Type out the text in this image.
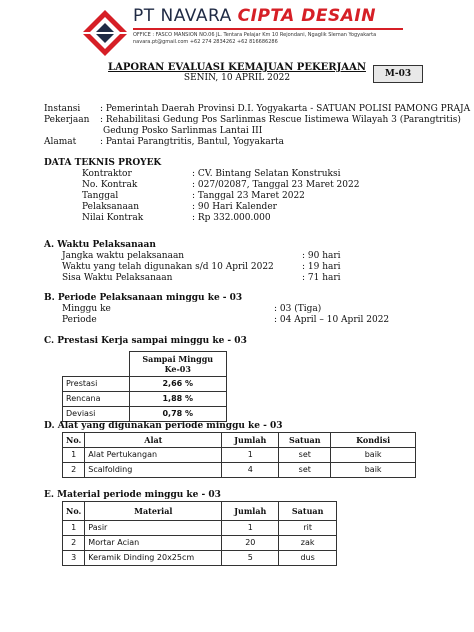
PT NAVARA CIPTA DESAIN
OFFICE : FASCO MANSION NO.06 JL. Tentara Pelajar Km 10 Rejondani, Ngaglik Sleman Yogyakarta
navara.pt@gmail.com +62 274 2834262 +62 816686286
LAPORAN EVALUASI KEMAJUAN PEKERJAAN
SENIN, 10 APRIL 2022	M-03
Instansi : Pemerintah Daerah Provinsi D.I. Yogyakarta - SATUAN POLISI PAMONG PRAJA
Pekerjaan : Rehabilitasi Gedung Pos Sarlinmas Rescue Iistimewa Wilayah 3 (Parangtritis)
Gedung Posko Sarlinmas Lantai III
Alamat	: Pantai Parangtritis, Bantul, Yogyakarta
DATA TEKNIS PROYEK
Kontraktor	: CV. Bintang Selatan Konstruksi
No. Kontrak	: 027/02087, Tanggal 23 Maret 2022
Tanggal	: Tanggal 23 Maret 2022
Pelaksanaan	: 90 Hari Kalender
Nilai Kontrak	: Rp 332.000.000
A. Waktu Pelaksanaan
Jangka waktu pelaksanaan	: 90 hari
Waktu yang telah digunakan s/d 10 April 2022	: 19 hari
Sisa Waktu Pelaksanaan	: 71 hari
B. Periode Pelaksanaan minggu ke - 03
Minggu ke	: 03 (Tiga)
Periode	: 04 April – 10 April 2022
C. Prestasi Kerja sampai minggu ke - 03
	Sampai Minggu
Ke-03
Prestasi	2,66 %
Rencana	1,88 %
Deviasi	0,78 %
D. Alat yang digunakan periode minggu ke - 03
No.	Alat	Jumlah	Satuan	Kondisi
1	Alat Pertukangan	1	set	baik
2	Scalfolding	4	set	baik
E. Material periode minggu ke - 03
No.	Material	Jumlah	Satuan
1	Pasir	1	rit
2	Mortar Acian	20	zak
3	Keramik Dinding 20x25cm	5	dus
